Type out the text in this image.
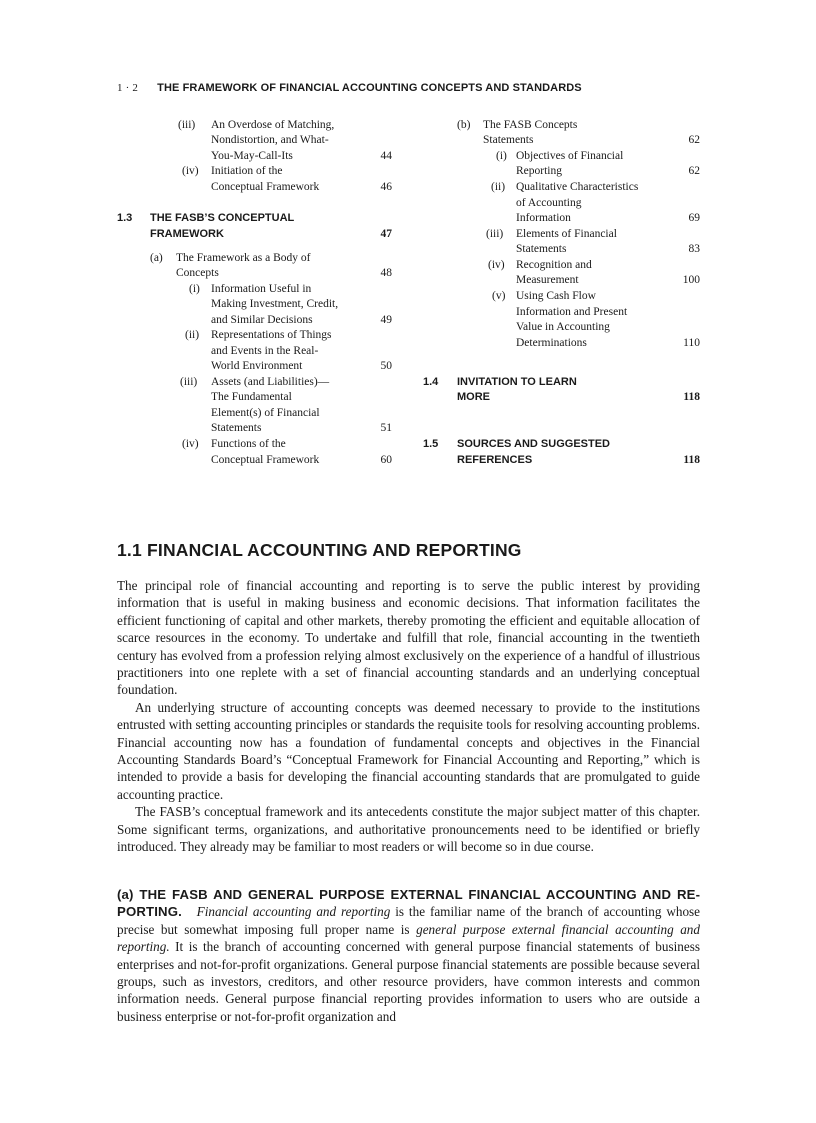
1 · 2 THE FRAMEWORK OF FINANCIAL ACCOUNTING CONCEPTS AND STANDARDS
(iii) An Overdose of Matching,
Nondistortion, and What-
You-May-Call-Its	44
(iv) Initiation of the
Conceptual Framework	46
1.3 THE FASB’S CONCEPTUAL
FRAMEWORK	47
(a) The Framework as a Body of
Concepts	48
(i) Information Useful in
Making Investment, Credit,
and Similar Decisions	49
(ii) Representations of Things
and Events in the Real-
World Environment	50
(iii) Assets (and Liabilities)—
The Fundamental
Element(s) of Financial
Statements	51
(iv) Functions of the
Conceptual Framework	60
(b) The FASB Concepts
Statements	62
(i) Objectives of Financial
Reporting	62
(ii) Qualitative Characteristics
of Accounting
Information	69
(iii) Elements of Financial
Statements	83
(iv) Recognition and
Measurement	100
(v) Using Cash Flow
Information and Present
Value in Accounting
Determinations	110
1.4 INVITATION TO LEARN
MORE	118
1.5 SOURCES AND SUGGESTED
REFERENCES	118
1.1 FINANCIAL ACCOUNTING AND REPORTING

The principal role of financial accounting and reporting is to serve the public interest by providing information that is useful in making business and economic decisions. That information facilitates the efficient functioning of capital and other markets, thereby promoting the efficient and equitable allocation of scarce resources in the economy. To undertake and fulfill that role, financial accounting in the twentieth century has evolved from a profession relying almost exclusively on the experience of a handful of illustrious practitioners into one replete with a set of financial accounting standards and an underlying conceptual foundation.

An underlying structure of accounting concepts was deemed necessary to provide to the institutions entrusted with setting accounting principles or standards the requisite tools for resolving accounting problems. Financial accounting now has a foundation of fundamental concepts and objectives in the Financial Accounting Standards Board’s “Conceptual Framework for Financial Accounting and Reporting,” which is intended to provide a basis for developing the financial accounting standards that are promulgated to guide accounting practice.

The FASB’s conceptual framework and its antecedents constitute the major subject matter of this chapter. Some significant terms, organizations, and authoritative pronouncements need to be identified or briefly introduced. They already may be familiar to most readers or will become so in due course.

(a) THE FASB AND GENERAL PURPOSE EXTERNAL FINANCIAL ACCOUNTING AND REPORTING. Financial accounting and reporting is the familiar name of the branch of accounting whose precise but somewhat imposing full proper name is general purpose external financial accounting and reporting. It is the branch of accounting concerned with general purpose financial statements of business enterprises and not-for-profit organizations. General purpose financial statements are possible because several groups, such as investors, creditors, and other resource providers, have common interests and common information needs. General purpose financial reporting provides information to users who are outside a business enterprise or not-for-profit organization and
